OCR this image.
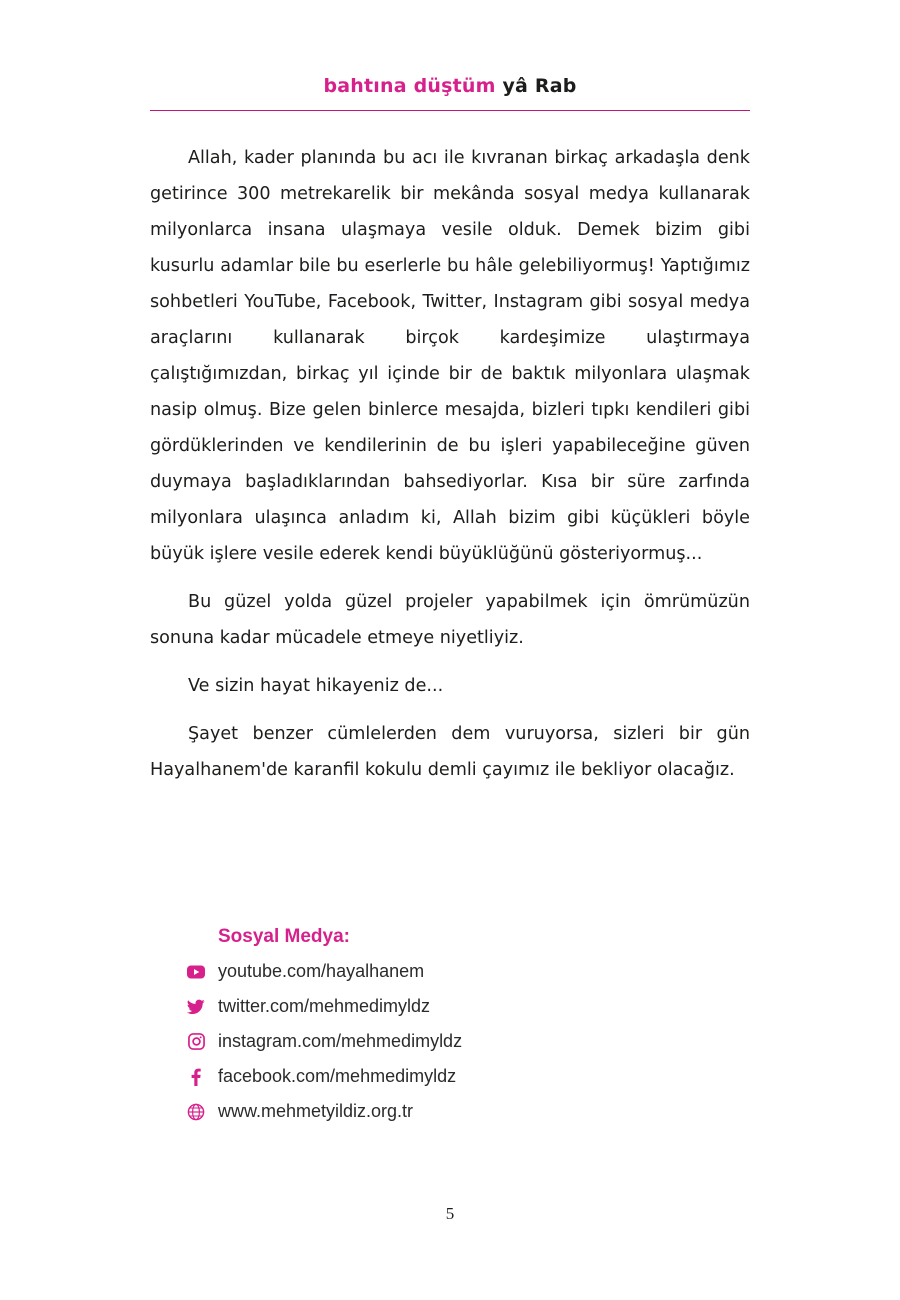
bahtına düştüm yâ Rab

Allah, kader planında bu acı ile kıvranan birkaç arkadaşla denk getirince 300 metrekarelik bir mekânda sosyal medya kullanarak milyonlarca insana ulaşmaya vesile olduk. Demek bizim gibi kusurlu adamlar bile bu eserlerle bu hâle gelebiliyormuş! Yaptığımız sohbetleri YouTube, Facebook, Twitter, Instagram gibi sosyal medya araçlarını kullanarak birçok kardeşimize ulaştırmaya çalıştığımızdan, birkaç yıl içinde bir de baktık milyonlara ulaşmak nasip olmuş. Bize gelen binlerce mesajda, bizleri tıpkı kendileri gibi gördüklerinden ve kendilerinin de bu işleri yapabileceğine güven duymaya başladıklarından bahsediyorlar. Kısa bir süre zarfında milyonlara ulaşınca anladım ki, Allah bizim gibi küçükleri böyle büyük işlere vesile ederek kendi büyüklüğünü gösteriyormuş...

Bu güzel yolda güzel projeler yapabilmek için ömrümüzün sonuna kadar mücadele etmeye niyetliyiz.

Ve sizin hayat hikayeniz de...

Şayet benzer cümlelerden dem vuruyorsa, sizleri bir gün Hayalhanem'de karanfil kokulu demli çayımız ile bekliyor olacağız.

Sosyal Medya:
youtube.com/hayalhanem
twitter.com/mehmedimyldz
instagram.com/mehmedimyldz
facebook.com/mehmedimyldz
www.mehmetyildiz.org.tr
5
